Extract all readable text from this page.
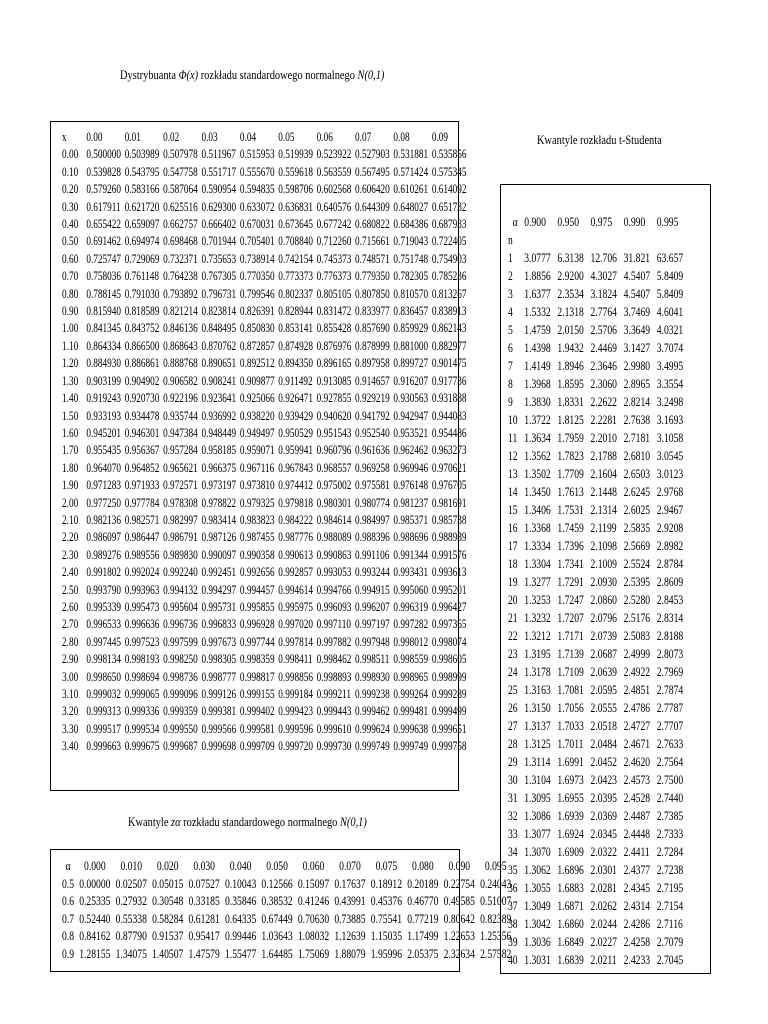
Dystrybuanta Φ(x) rozkładu standardowego normalnego N(0,1)
x	0.00	0.01	0.02	0.03	0.04	0.05	0.06	0.07	0.08	0.09
0.00	0.500000	0.503989	0.507978	0.511967	0.515953	0.519939	0.523922	0.527903	0.531881	0.535856
0.10	0.539828	0.543795	0.547758	0.551717	0.555670	0.559618	0.563559	0.567495	0.571424	0.575345
0.20	0.579260	0.583166	0.587064	0.590954	0.594835	0.598706	0.602568	0.606420	0.610261	0.614092
0.30	0.617911	0.621720	0.625516	0.629300	0.633072	0.636831	0.640576	0.644309	0.648027	0.651732
0.40	0.655422	0.659097	0.662757	0.666402	0.670031	0.673645	0.677242	0.680822	0.684386	0.687933
0.50	0.691462	0.694974	0.698468	0.701944	0.705401	0.708840	0.712260	0.715661	0.719043	0.722405
0.60	0.725747	0.729069	0.732371	0.735653	0.738914	0.742154	0.745373	0.748571	0.751748	0.754903
0.70	0.758036	0.761148	0.764238	0.767305	0.770350	0.773373	0.776373	0.779350	0.782305	0.785236
0.80	0.788145	0.791030	0.793892	0.796731	0.799546	0.802337	0.805105	0.807850	0.810570	0.813267
0.90	0.815940	0.818589	0.821214	0.823814	0.826391	0.828944	0.831472	0.833977	0.836457	0.838913
1.00	0.841345	0.843752	0.846136	0.848495	0.850830	0.853141	0.855428	0.857690	0.859929	0.862143
1.10	0.864334	0.866500	0.868643	0.870762	0.872857	0.874928	0.876976	0.878999	0.881000	0.882977
1.20	0.884930	0.886861	0.888768	0.890651	0.892512	0.894350	0.896165	0.897958	0.899727	0.901475
1.30	0.903199	0.904902	0.906582	0.908241	0.909877	0.911492	0.913085	0.914657	0.916207	0.917736
1.40	0.919243	0.920730	0.922196	0.923641	0.925066	0.926471	0.927855	0.929219	0.930563	0.931888
1.50	0.933193	0.934478	0.935744	0.936992	0.938220	0.939429	0.940620	0.941792	0.942947	0.944083
1.60	0.945201	0.946301	0.947384	0.948449	0.949497	0.950529	0.951543	0.952540	0.953521	0.954486
1.70	0.955435	0.956367	0.957284	0.958185	0.959071	0.959941	0.960796	0.961636	0.962462	0.963273
1.80	0.964070	0.964852	0.965621	0.966375	0.967116	0.967843	0.968557	0.969258	0.969946	0.970621
1.90	0.971283	0.971933	0.972571	0.973197	0.973810	0.974412	0.975002	0.975581	0.976148	0.976705
2.00	0.977250	0.977784	0.978308	0.978822	0.979325	0.979818	0.980301	0.980774	0.981237	0.981691
2.10	0.982136	0.982571	0.982997	0.983414	0.983823	0.984222	0.984614	0.984997	0.985371	0.985738
2.20	0.986097	0.986447	0.986791	0.987126	0.987455	0.987776	0.988089	0.988396	0.988696	0.988989
2.30	0.989276	0.989556	0.989830	0.990097	0.990358	0.990613	0.990863	0.991106	0.991344	0.991576
2.40	0.991802	0.992024	0.992240	0.992451	0.992656	0.992857	0.993053	0.993244	0.993431	0.993613
2.50	0.993790	0.993963	0.994132	0.994297	0.994457	0.994614	0.994766	0.994915	0.995060	0.995201
2.60	0.995339	0.995473	0.995604	0.995731	0.995855	0.995975	0.996093	0.996207	0.996319	0.996427
2.70	0.996533	0.996636	0.996736	0.996833	0.996928	0.997020	0.997110	0.997197	0.997282	0.997365
2.80	0.997445	0.997523	0.997599	0.997673	0.997744	0.997814	0.997882	0.997948	0.998012	0.998074
2.90	0.998134	0.998193	0.998250	0.998305	0.998359	0.998411	0.998462	0.998511	0.998559	0.998605
3.00	0.998650	0.998694	0.998736	0.998777	0.998817	0.998856	0.998893	0.998930	0.998965	0.998999
3.10	0.999032	0.999065	0.999096	0.999126	0.999155	0.999184	0.999211	0.999238	0.999264	0.999289
3.20	0.999313	0.999336	0.999359	0.999381	0.999402	0.999423	0.999443	0.999462	0.999481	0.999499
3.30	0.999517	0.999534	0.999550	0.999566	0.999581	0.999596	0.999610	0.999624	0.999638	0.999651
3.40	0.999663	0.999675	0.999687	0.999698	0.999709	0.999720	0.999730	0.999749	0.999749	0.999758
Kwantyle rozkładu t-Studenta
α	0.900	0.950	0.975	0.990	0.995
n					
1	3.0777	6.3138	12.706	31.821	63.657
2	1.8856	2.9200	4.3027	4.5407	5.8409
3	1.6377	2.3534	3.1824	4.5407	5.8409
4	1.5332	2.1318	2.7764	3.7469	4.6041
5	1.4759	2.0150	2.5706	3.3649	4.0321
6	1.4398	1.9432	2.4469	3.1427	3.7074
7	1.4149	1.8946	2.3646	2.9980	3.4995
8	1.3968	1.8595	2.3060	2.8965	3.3554
9	1.3830	1.8331	2.2622	2.8214	3.2498
10	1.3722	1.8125	2.2281	2.7638	3.1693
11	1.3634	1.7959	2.2010	2.7181	3.1058
12	1.3562	1.7823	2.1788	2.6810	3.0545
13	1.3502	1.7709	2.1604	2.6503	3.0123
14	1.3450	1.7613	2.1448	2.6245	2.9768
15	1.3406	1.7531	2.1314	2.6025	2.9467
16	1.3368	1.7459	2.1199	2.5835	2.9208
17	1.3334	1.7396	2.1098	2.5669	2.8982
18	1.3304	1.7341	2.1009	2.5524	2.8784
19	1.3277	1.7291	2.0930	2.5395	2.8609
20	1.3253	1.7247	2.0860	2.5280	2.8453
21	1.3232	1.7207	2.0796	2.5176	2.8314
22	1.3212	1.7171	2.0739	2.5083	2.8188
23	1.3195	1.7139	2.0687	2.4999	2.8073
24	1.3178	1.7109	2.0639	2.4922	2.7969
25	1.3163	1.7081	2.0595	2.4851	2.7874
26	1.3150	1.7056	2.0555	2.4786	2.7787
27	1.3137	1.7033	2.0518	2.4727	2.7707
28	1.3125	1.7011	2.0484	2.4671	2.7633
29	1.3114	1.6991	2.0452	2.4620	2.7564
30	1.3104	1.6973	2.0423	2.4573	2.7500
31	1.3095	1.6955	2.0395	2.4528	2.7440
32	1.3086	1.6939	2.0369	2.4487	2.7385
33	1.3077	1.6924	2.0345	2.4448	2.7333
34	1.3070	1.6909	2.0322	2.4411	2.7284
35	1.3062	1.6896	2.0301	2.4377	2.7238
36	1.3055	1.6883	2.0281	2.4345	2.7195
37	1.3049	1.6871	2.0262	2.4314	2.7154
38	1.3042	1.6860	2.0244	2.4286	2.7116
39	1.3036	1.6849	2.0227	2.4258	2.7079
40	1.3031	1.6839	2.0211	2.4233	2.7045
Kwantyle zα rozkładu standardowego normalnego N(0,1)
α	0.000	0.010	0.020	0.030	0.040	0.050	0.060	0.070	0.075	0.080	0.090	0.095
0.5	0.00000	0.02507	0.05015	0.07527	0.10043	0.12566	0.15097	0.17637	0.18912	0.20189	0.22754	0.24043
0.6	0.25335	0.27932	0.30548	0.33185	0.35846	0.38532	0.41246	0.43991	0.45376	0.46770	0.49585	0.51007
0.7	0.52440	0.55338	0.58284	0.61281	0.64335	0.67449	0.70630	0.73885	0.75541	0.77219	0.80642	0.82389
0.8	0.84162	0.87790	0.91537	0.95417	0.99446	1.03643	1.08032	1.12639	1.15035	1.17499	1.22653	1.25356
0.9	1.28155	1.34075	1.40507	1.47579	1.55477	1.64485	1.75069	1.88079	1.95996	2.05375	2.32634	2.57582
